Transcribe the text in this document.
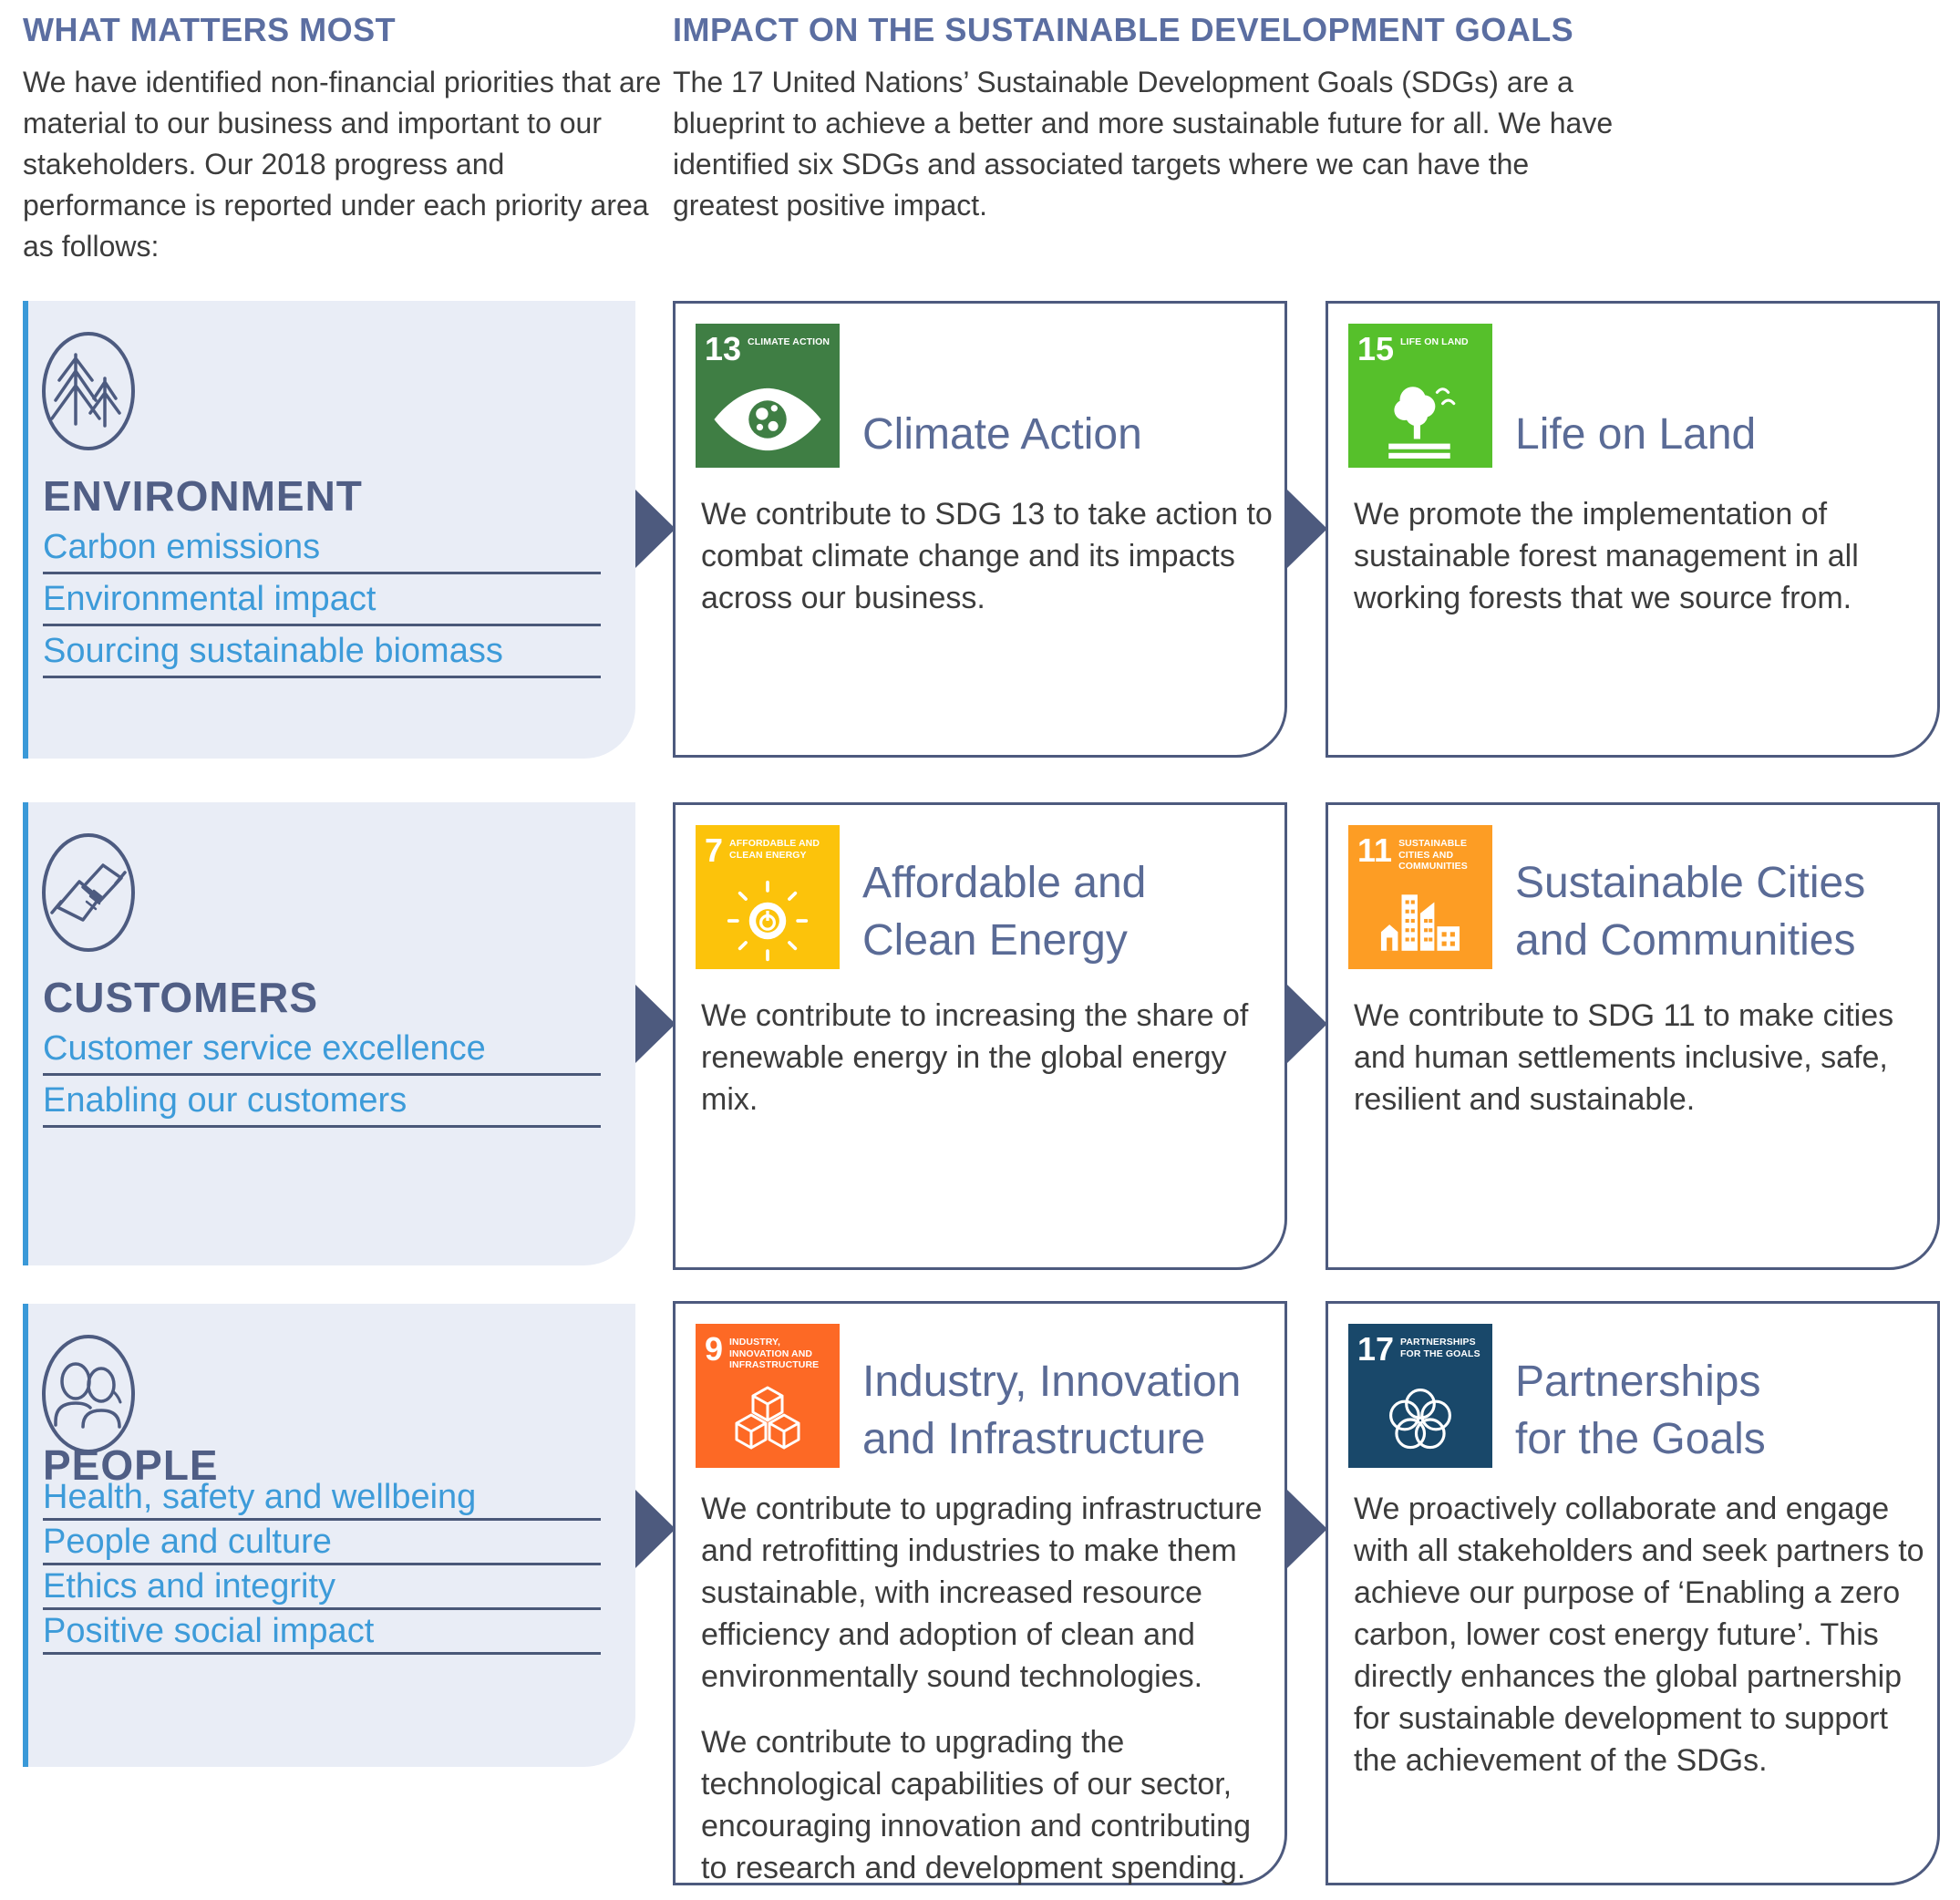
WHAT MATTERS MOST

We have identified non-financial priorities that are material to our business and important to our stakeholders. Our 2018 progress and performance is reported under each priority area as follows:

IMPACT ON THE SUSTAINABLE DEVELOPMENT GOALS

The 17 United Nations’ Sustainable Development Goals (SDGs) are a blueprint to achieve a better and more sustainable future for all. We have identified six SDGs and associated targets where we can have the greatest positive impact.

ENVIRONMENT
Carbon emissions
Environmental impact
Sourcing sustainable biomass
13 CLIMATE ACTION
Climate Action

We contribute to SDG 13 to take action to combat climate change and its impacts across our business.

15 LIFE ON LAND
Life on Land

We promote the implementation of sustainable forest management in all working forests that we source from.

CUSTOMERS
Customer service excellence
Enabling our customers
7 AFFORDABLE AND CLEAN ENERGY
Affordable and
Clean Energy

We contribute to increasing the share of renewable energy in the global energy mix.

11 SUSTAINABLE CITIES AND COMMUNITIES	Sustainable Cities
and Communities

We contribute to SDG 11 to make cities and human settlements inclusive, safe, resilient and sustainable.

PEOPLE
Health, safety and wellbeing
People and culture
Ethics and integrity
Positive social impact
9 INDUSTRY, INNOVATION AND INFRASTRUCTURE Industry, Innovation
and Infrastructure

We contribute to upgrading infrastructure and retrofitting industries to make them sustainable, with increased resource efficiency and adoption of clean and environmentally sound technologies.

We contribute to upgrading the technological capabilities of our sector, encouraging innovation and contributing to research and development spending.

17 PARTNERSHIPS FOR THE GOALS
Partnerships
for the Goals

We proactively collaborate and engage with all stakeholders and seek partners to achieve our purpose of ‘Enabling a zero carbon, lower cost energy future’. This directly enhances the global partnership for sustainable development to support the achievement of the SDGs.
